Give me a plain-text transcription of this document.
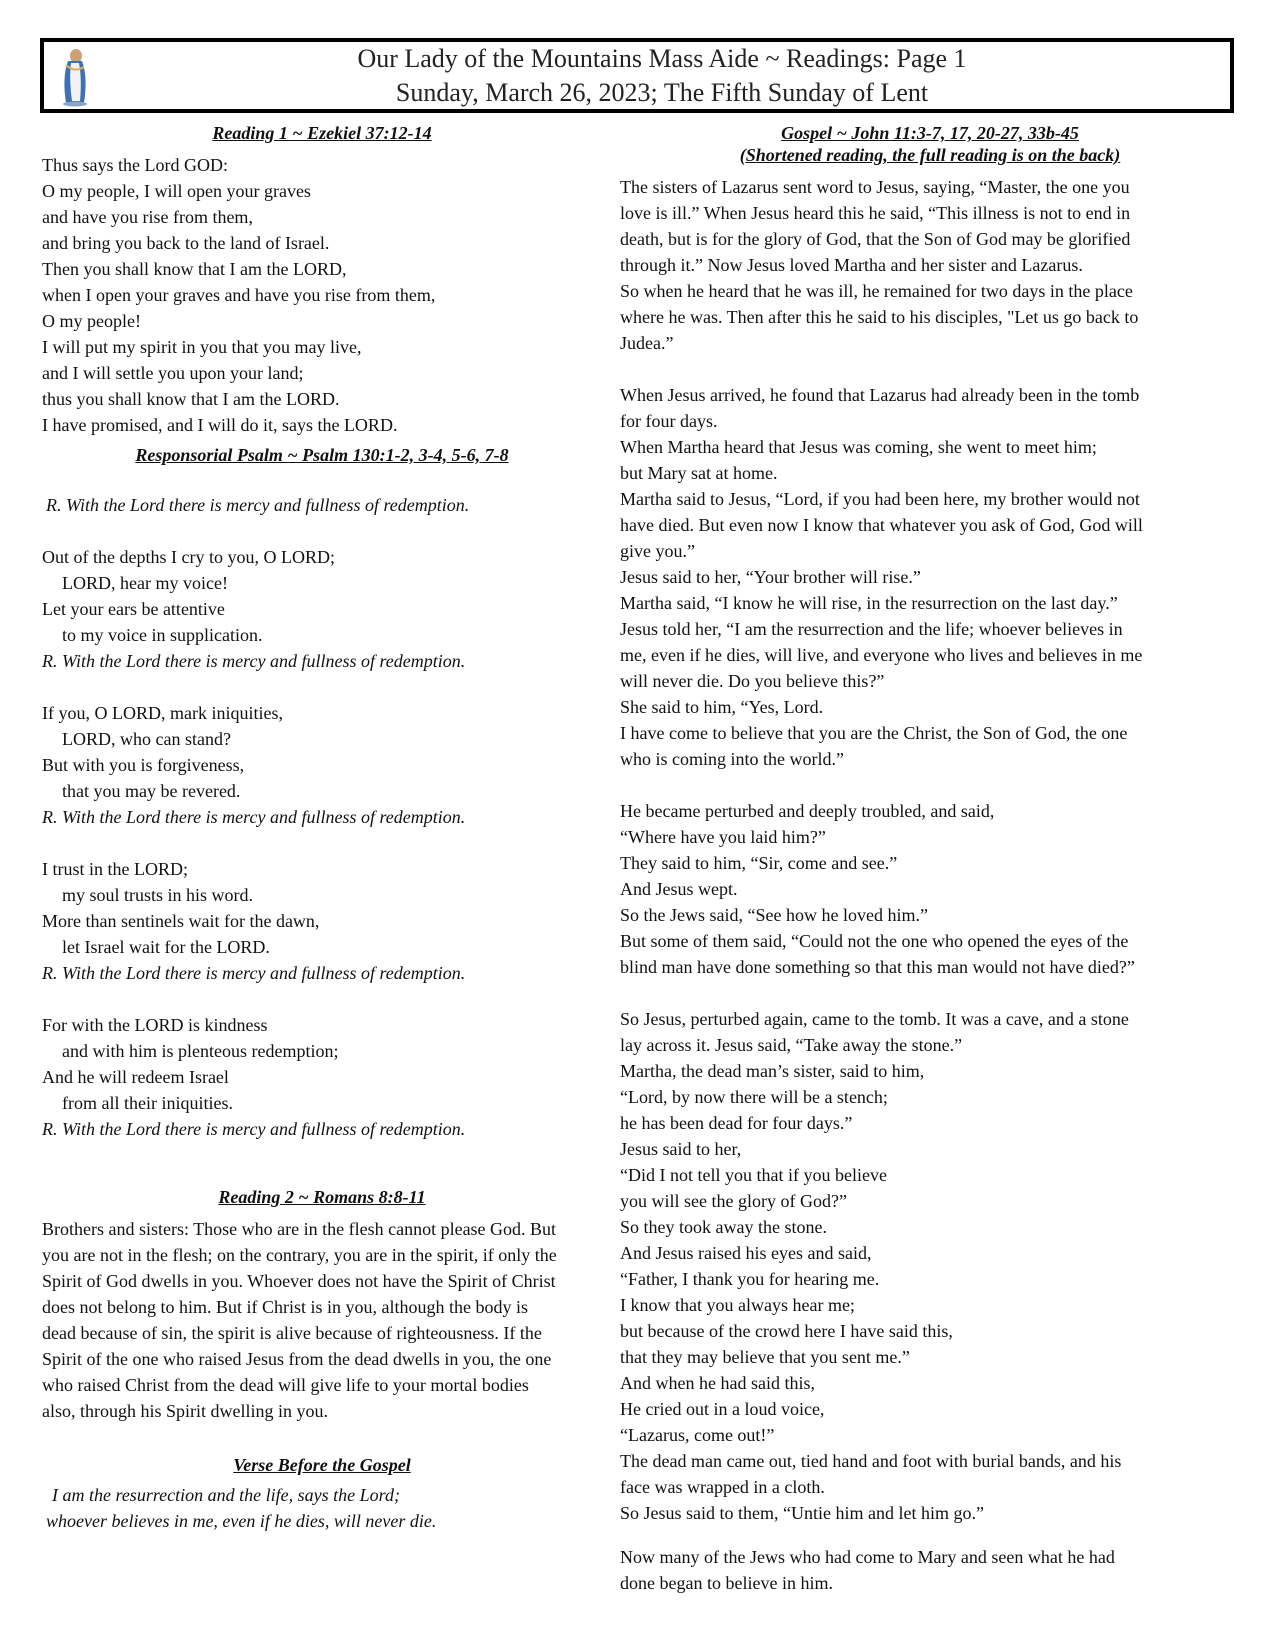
Our Lady of the Mountains Mass Aide ~ Readings: Page 1
Sunday, March 26, 2023; The Fifth Sunday of Lent
Reading 1 ~ Ezekiel 37:12-14
Thus says the Lord GOD:
O my people, I will open your graves
and have you rise from them,
and bring you back to the land of Israel.
Then you shall know that I am the LORD,
when I open your graves and have you rise from them,
O my people!
I will put my spirit in you that you may live,
and I will settle you upon your land;
thus you shall know that I am the LORD.
I have promised, and I will do it, says the LORD.
Responsorial Psalm ~ Psalm 130:1-2, 3-4, 5-6, 7-8
R. With the Lord there is mercy and fullness of redemption.
Out of the depths I cry to you, O LORD;
LORD, hear my voice!
Let your ears be attentive
to my voice in supplication.
R. With the Lord there is mercy and fullness of redemption.
If you, O LORD, mark iniquities,
LORD, who can stand?
But with you is forgiveness,
that you may be revered.
R. With the Lord there is mercy and fullness of redemption.
I trust in the LORD;
my soul trusts in his word.
More than sentinels wait for the dawn,
let Israel wait for the LORD.
R. With the Lord there is mercy and fullness of redemption.
For with the LORD is kindness
and with him is plenteous redemption;
And he will redeem Israel
from all their iniquities.
R. With the Lord there is mercy and fullness of redemption.
Reading 2 ~ Romans 8:8-11
Brothers and sisters: Those who are in the flesh cannot please God. But you are not in the flesh; on the contrary, you are in the spirit, if only the Spirit of God dwells in you. Whoever does not have the Spirit of Christ does not belong to him. But if Christ is in you, although the body is dead because of sin, the spirit is alive because of righteousness. If the Spirit of the one who raised Jesus from the dead dwells in you, the one who raised Christ from the dead will give life to your mortal bodies also, through his Spirit dwelling in you.
Verse Before the Gospel
I am the resurrection and the life, says the Lord;
whoever believes in me, even if he dies, will never die.
Gospel ~ John 11:3-7, 17, 20-27, 33b-45
(Shortened reading, the full reading is on the back)
The sisters of Lazarus sent word to Jesus, saying, “Master, the one you
love is ill.” When Jesus heard this he said, “This illness is not to end in
death, but is for the glory of God, that the Son of God may be glorified
through it.” Now Jesus loved Martha and her sister and Lazarus.
So when he heard that he was ill, he remained for two days in the place
where he was. Then after this he said to his disciples, "Let us go back to
Judea.”
When Jesus arrived, he found that Lazarus had already been in the tomb
for four days.
When Martha heard that Jesus was coming, she went to meet him;
but Mary sat at home.
Martha said to Jesus, “Lord, if you had been here, my brother would not
have died. But even now I know that whatever you ask of God, God will
give you.”
Jesus said to her, “Your brother will rise.”
Martha said, “I know he will rise, in the resurrection on the last day.”
Jesus told her, “I am the resurrection and the life; whoever believes in
me, even if he dies, will live, and everyone who lives and believes in me
will never die. Do you believe this?”
She said to him, “Yes, Lord.
I have come to believe that you are the Christ, the Son of God, the one
who is coming into the world.”
He became perturbed and deeply troubled, and said,
“Where have you laid him?”
They said to him, “Sir, come and see.”
And Jesus wept.
So the Jews said, “See how he loved him.”
But some of them said, “Could not the one who opened the eyes of the
blind man have done something so that this man would not have died?”
So Jesus, perturbed again, came to the tomb. It was a cave, and a stone
lay across it. Jesus said, “Take away the stone.”
Martha, the dead man’s sister, said to him,
“Lord, by now there will be a stench;
he has been dead for four days.”
Jesus said to her,
“Did I not tell you that if you believe
you will see the glory of God?”
So they took away the stone.
And Jesus raised his eyes and said,
“Father, I thank you for hearing me.
I know that you always hear me;
but because of the crowd here I have said this,
that they may believe that you sent me.”
And when he had said this,
He cried out in a loud voice,
“Lazarus, come out!”
The dead man came out, tied hand and foot with burial bands, and his
face was wrapped in a cloth.
So Jesus said to them, “Untie him and let him go.”
Now many of the Jews who had come to Mary and seen what he had
done began to believe in him.
